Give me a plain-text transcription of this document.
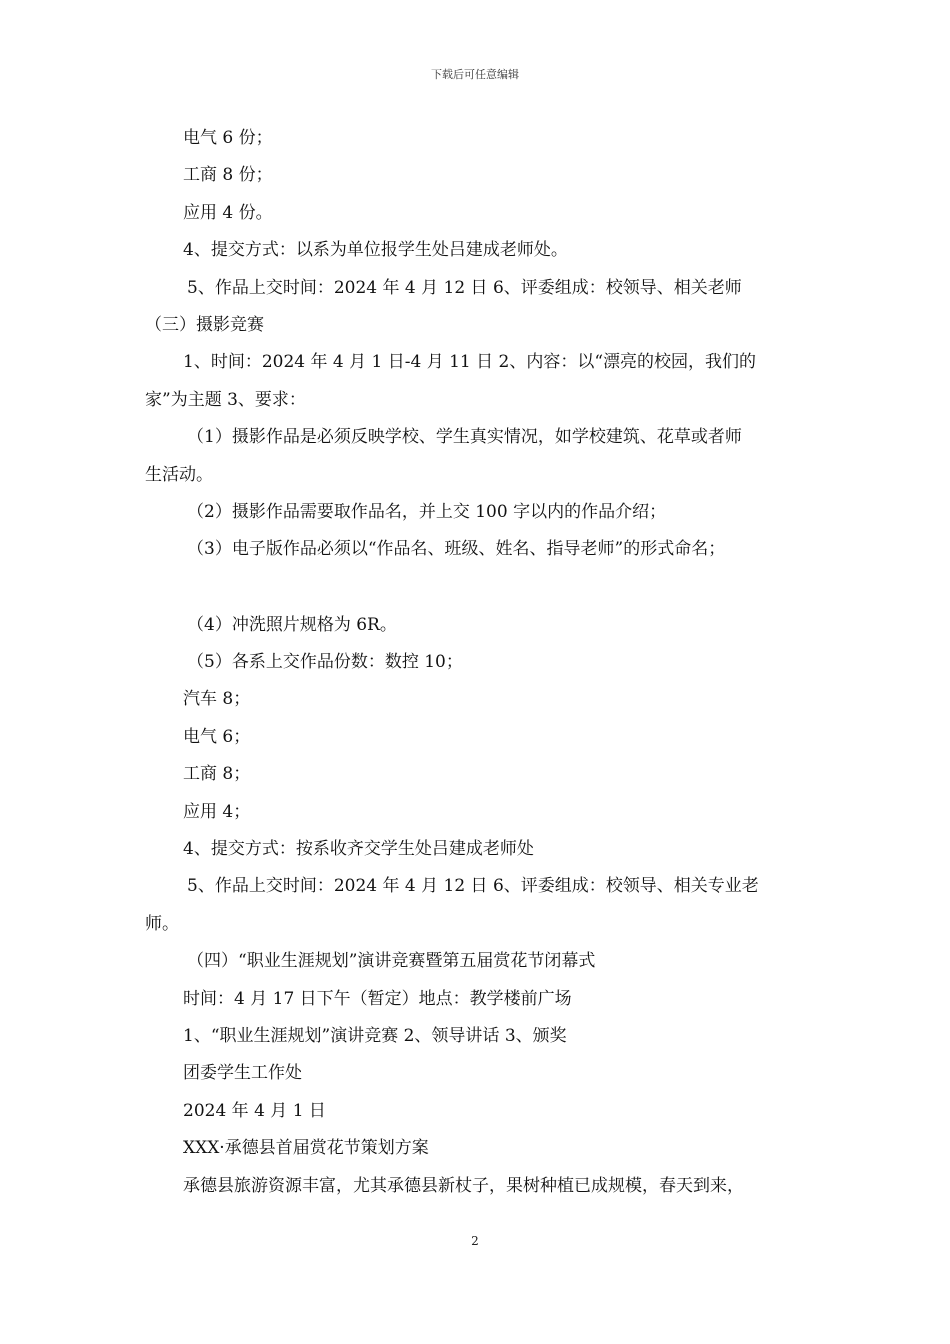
下载后可任意编辑
电气 6 份；
工商 8 份；
应用 4 份。
4、提交方式：以系为单位报学生处吕建成老师处。
5、作品上交时间：2024 年 4 月 12 日 6、评委组成：校领导、相关老师
（三）摄影竞赛
1、时间：2024 年 4 月 1 日-4 月 11 日 2、内容：以“漂亮的校园，我们的
家”为主题 3、要求：
（1）摄影作品是必须反映学校、学生真实情况，如学校建筑、花草或者师
生活动。
（2）摄影作品需要取作品名，并上交 100 字以内的作品介绍；
（3）电子版作品必须以“作品名、班级、姓名、指导老师”的形式命名；
（4）冲洗照片规格为 6R。
（5）各系上交作品份数：数控 10；
汽车 8；
电气 6；
工商 8；
应用 4；
4、提交方式：按系收齐交学生处吕建成老师处
5、作品上交时间：2024 年 4 月 12 日 6、评委组成：校领导、相关专业老
师。
（四）“职业生涯规划”演讲竞赛暨第五届赏花节闭幕式
时间：4 月 17 日下午（暂定）地点：教学楼前广场
1、“职业生涯规划”演讲竞赛 2、领导讲话 3、颁奖
团委学生工作处
2024 年 4 月 1 日
XXX·承德县首届赏花节策划方案
承德县旅游资源丰富，尤其承德县新杖子，果树种植已成规模，春天到来，
2
